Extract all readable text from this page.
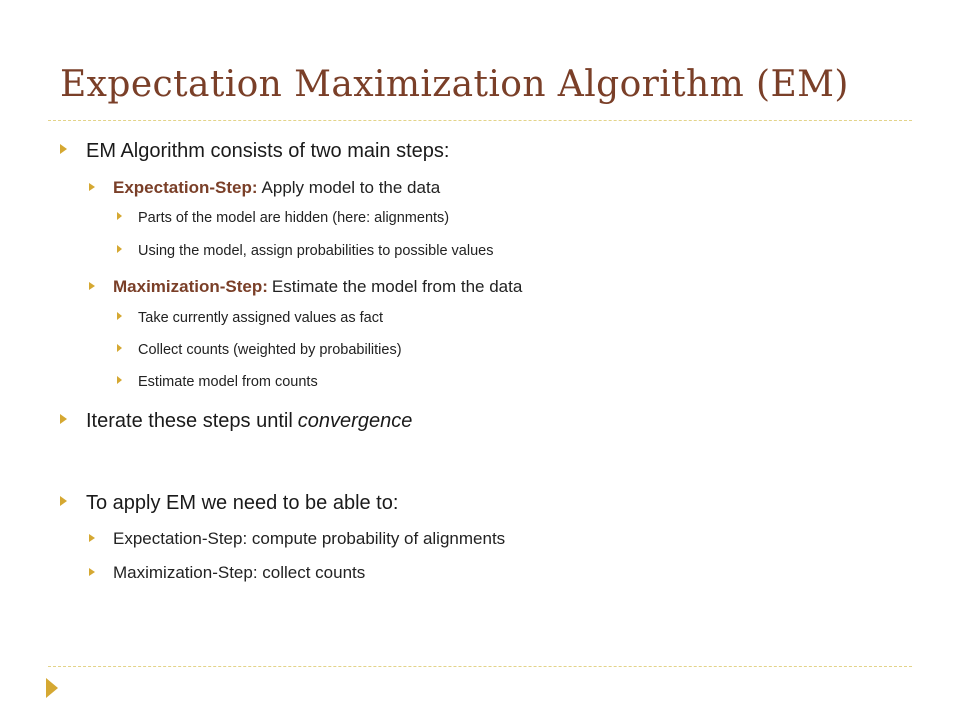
Expectation Maximization Algorithm (EM)
EM Algorithm consists of two main steps:
Expectation-Step: Apply model to the data
Parts of the model are hidden (here: alignments)
Using the model, assign probabilities to possible values
Maximization-Step: Estimate the model from the data
Take currently assigned values as fact
Collect counts (weighted by probabilities)
Estimate model from counts
Iterate these steps until convergence
To apply EM we need to be able to:
Expectation-Step: compute probability of alignments
Maximization-Step: collect counts
